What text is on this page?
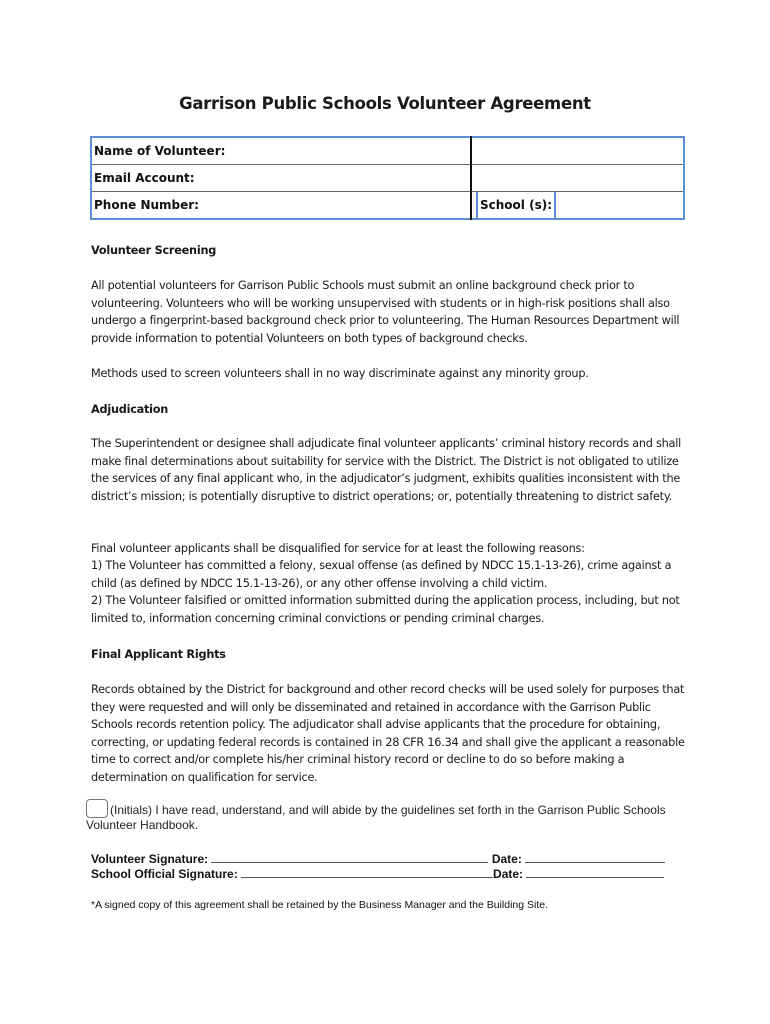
Garrison Public Schools Volunteer Agreement
Name of Volunteer:	
Email Account:	

Phone Number:	School (s):
Volunteer Screening
All potential volunteers for Garrison Public Schools must submit an online background check prior to volunteering. Volunteers who will be working unsupervised with students or in high-risk positions shall also undergo a fingerprint-based background check prior to volunteering. The Human Resources Department will provide information to potential Volunteers on both types of background checks.
Methods used to screen volunteers shall in no way discriminate against any minority group.
Adjudication
The Superintendent or designee shall adjudicate final volunteer applicants’ criminal history records and shall make final determinations about suitability for service with the District. The District is not obligated to utilize the services of any final applicant who, in the adjudicator’s judgment, exhibits qualities inconsistent with the district’s mission; is potentially disruptive to district operations; or, potentially threatening to district safety.
Final volunteer applicants shall be disqualified for service for at least the following reasons:
1) The Volunteer has committed a felony, sexual offense (as defined by NDCC 15.1-13-26), crime against a child (as defined by NDCC 15.1-13-26), or any other offense involving a child victim.
2) The Volunteer falsified or omitted information submitted during the application process, including, but not limited to, information concerning criminal convictions or pending criminal charges.
Final Applicant Rights
Records obtained by the District for background and other record checks will be used solely for purposes that they were requested and will only be disseminated and retained in accordance with the Garrison Public Schools records retention policy. The adjudicator shall advise applicants that the procedure for obtaining, correcting, or updating federal records is contained in 28 CFR 16.34 and shall give the applicant a reasonable time to correct and/or complete his/her criminal history record or decline to do so before making a determination on qualification for service.
(Initials) I have read, understand, and will abide by the guidelines set forth in the Garrison Public Schools Volunteer Handbook.
Volunteer Signature:	Date:
School Official Signature:	Date:
*A signed copy of this agreement shall be retained by the Business Manager and the Building Site.
